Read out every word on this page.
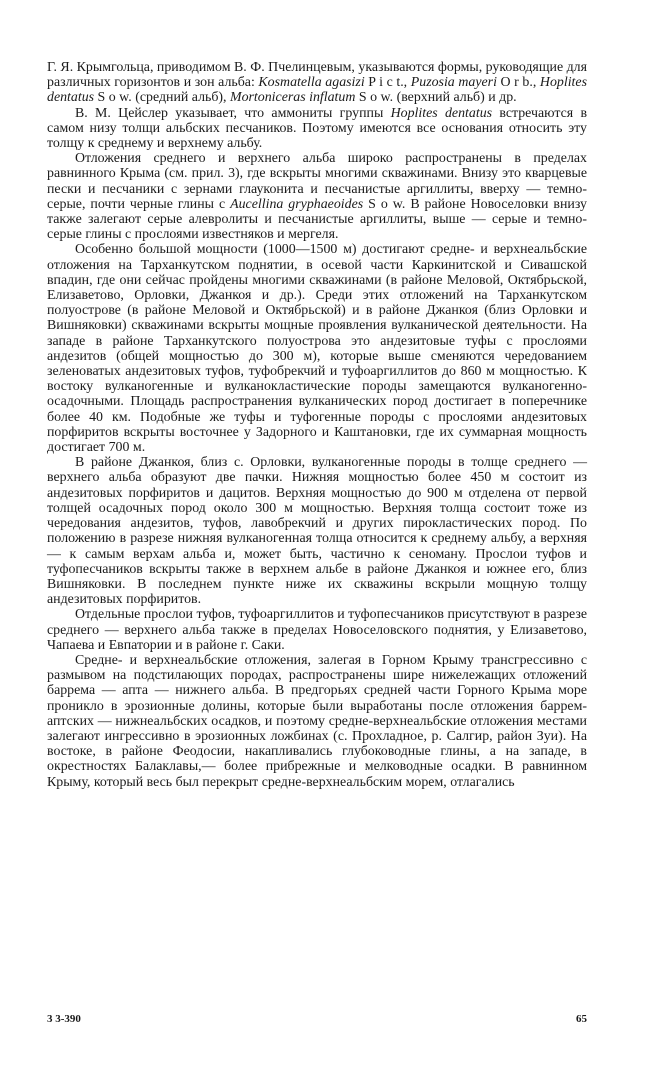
Г. Я. Крымгольца, приводимом В. Ф. Пчелинцевым, указываются формы, руководящие для различных горизонтов и зон альба: Kosmatella agasizi P i c t., Puzosia mayeri O r b., Hoplites dentatus S o w. (средний альб), Mortoniceras inflatum S o w. (верхний альб) и др.

В. М. Цейслер указывает, что аммониты группы Hoplites dentatus встречаются в самом низу толщи альбских песчаников. Поэтому имеются все основания относить эту толщу к среднему и верхнему альбу.

Отложения среднего и верхнего альба широко распространены в пределах равнинного Крыма (см. прил. 3), где вскрыты многими скважинами. Внизу это кварцевые пески и песчаники с зернами глауконита и песчанистые аргиллиты, вверху — темно-серые, почти черные глины с Aucellina gryphaeoides S o w. В районе Новоселовки внизу также залегают серые алевролиты и песчанистые аргиллиты, выше — серые и темно-серые глины с прослоями известняков и мергеля.

Особенно большой мощности (1000—1500 м) достигают средне- и верхнеальбские отложения на Тарханкутском поднятии, в осевой части Каркинитской и Сивашской впадин, где они сейчас пройдены многими скважинами (в районе Меловой, Октябрьской, Елизаветово, Орловки, Джанкоя и др.). Среди этих отложений на Тарханкутском полуострове (в районе Меловой и Октябрьской) и в районе Джанкоя (близ Орловки и Вишняковки) скважинами вскрыты мощные проявления вулканической деятельности. На западе в районе Тарханкутского полуострова это андезитовые туфы с прослоями андезитов (общей мощностью до 300 м), которые выше сменяются чередованием зеленоватых андезитовых туфов, туфобрекчий и туфоаргиллитов до 860 м мощностью. К востоку вулканогенные и вулканокластические породы замещаются вулканогенно-осадочными. Площадь распространения вулканических пород достигает в поперечнике более 40 км. Подобные же туфы и туфогенные породы с прослоями андезитовых порфиритов вскрыты восточнее у Задорного и Каштановки, где их суммарная мощность достигает 700 м.

В районе Джанкоя, близ с. Орловки, вулканогенные породы в толще среднего — верхнего альба образуют две пачки. Нижняя мощностью более 450 м состоит из андезитовых порфиритов и дацитов. Верхняя мощностью до 900 м отделена от первой толщей осадочных пород около 300 м мощностью. Верхняя толща состоит тоже из чередования андезитов, туфов, лавобрекчий и других пирокластических пород. По положению в разрезе нижняя вулканогенная толща относится к среднему альбу, а верхняя — к самым верхам альба и, может быть, частично к сеноману. Прослои туфов и туфопесчаников вскрыты также в верхнем альбе в районе Джанкоя и южнее его, близ Вишняковки. В последнем пункте ниже их скважины вскрыли мощную толщу андезитовых порфиритов.

Отдельные прослои туфов, туфоаргиллитов и туфопесчаников присутствуют в разрезе среднего — верхнего альба также в пределах Новоселовского поднятия, у Елизаветово, Чапаева и Евпатории и в районе г. Саки.

Средне- и верхнеальбские отложения, залегая в Горном Крыму трансгрессивно с размывом на подстилающих породах, распространены шире нижележащих отложений баррема — апта — нижнего альба. В предгорьях средней части Горного Крыма море проникло в эрозионные долины, которые были выработаны после отложения баррем-аптских — нижнеальбских осадков, и поэтому средне-верхнеальбские отложения местами залегают ингрессивно в эрозионных ложбинах (с. Прохладное, р. Салгир, район Зуи). На востоке, в районе Феодосии, накапливались глубоководные глины, а на западе, в окрестностях Балаклавы,— более прибрежные и мелководные осадки. В равнинном Крыму, который весь был перекрыт средне-верхнеальбским морем, отлагались

3 3-390	65
